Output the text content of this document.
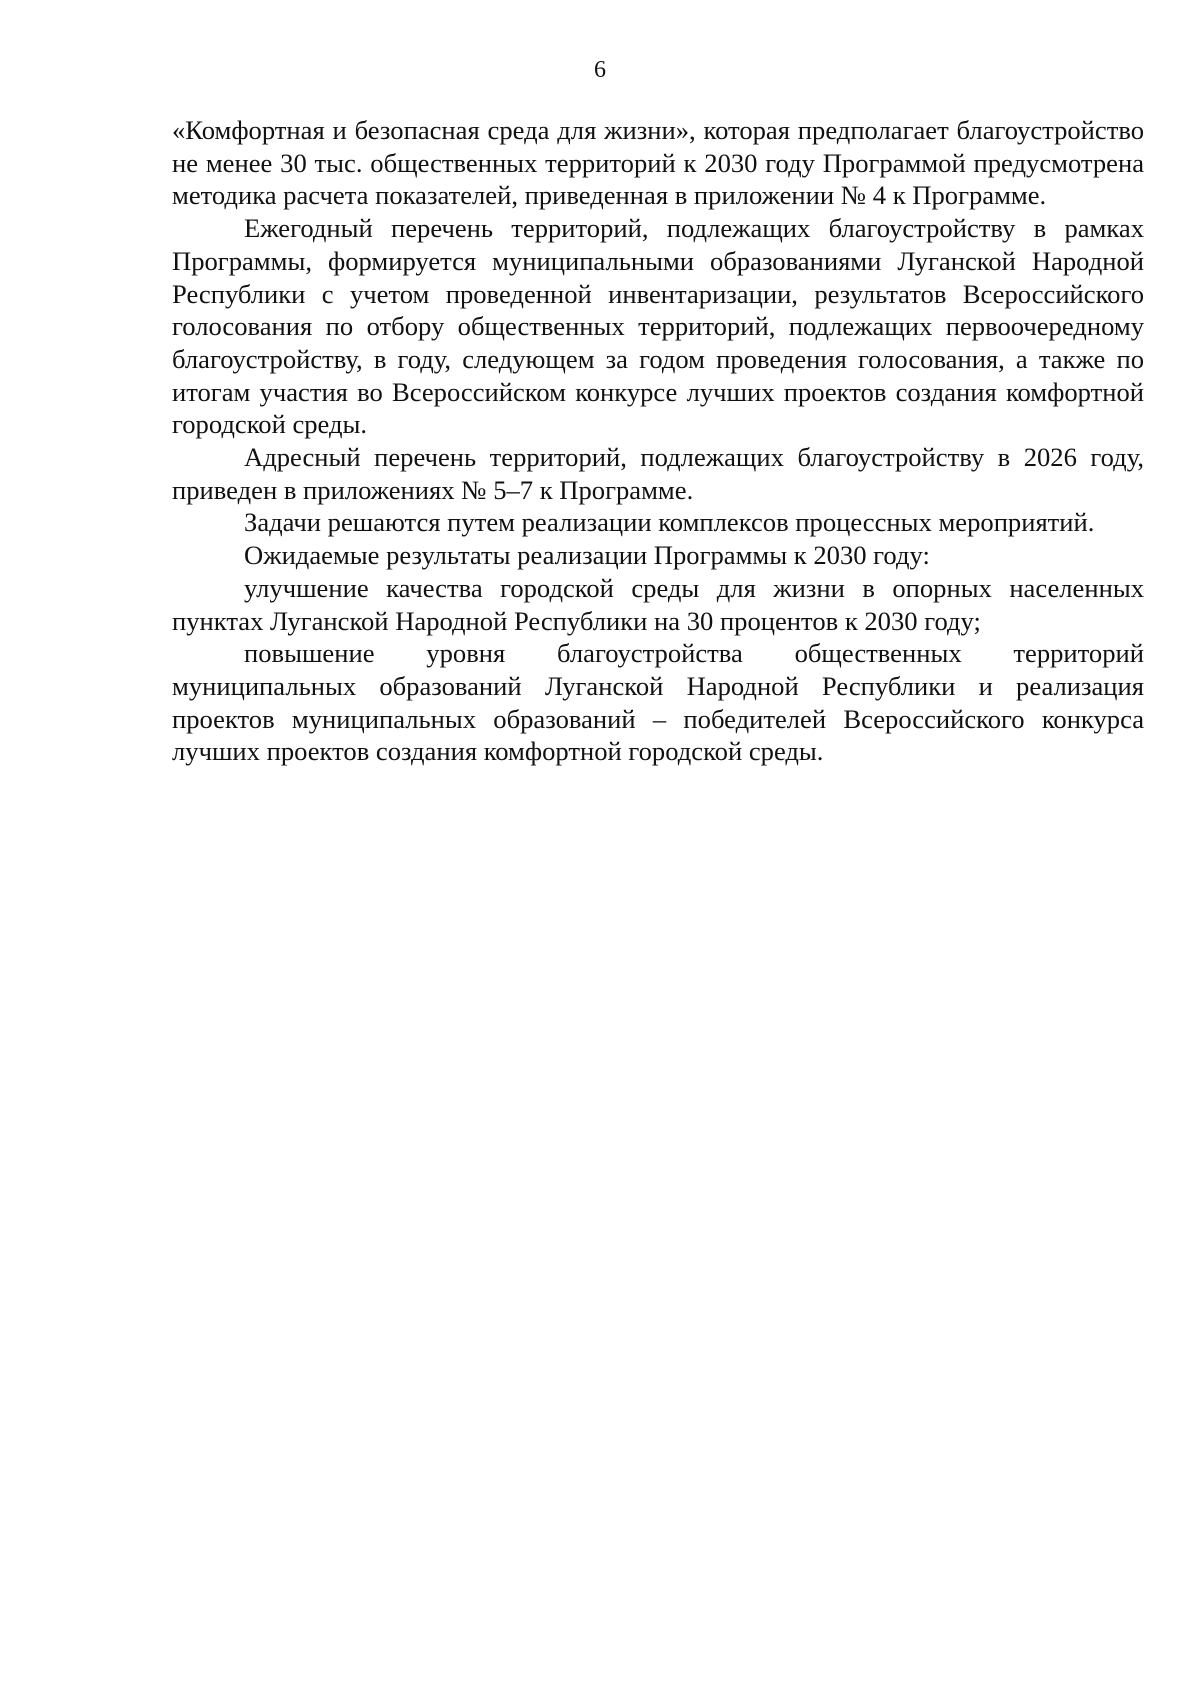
6

«Комфортная и безопасная среда для жизни», которая предполагает благоустройство не менее 30 тыс. общественных территорий к 2030 году Программой предусмотрена методика расчета показателей, приведенная в приложении № 4 к Программе.

Ежегодный перечень территорий, подлежащих благоустройству в рамках Программы, формируется муниципальными образованиями Луганской Народной Республики с учетом проведенной инвентаризации, результатов Всероссийского голосования по отбору общественных территорий, подлежащих первоочередному благоустройству, в году, следующем за годом проведения голосования, а также по итогам участия во Всероссийском конкурсе лучших проектов создания комфортной городской среды.

Адресный перечень территорий, подлежащих благоустройству в 2026 году, приведен в приложениях № 5–7 к Программе.

Задачи решаются путем реализации комплексов процессных мероприятий.

Ожидаемые результаты реализации Программы к 2030 году:

улучшение качества городской среды для жизни в опорных населенных пунктах Луганской Народной Республики на 30 процентов к 2030 году;

повышение уровня благоустройства общественных территорий муниципальных образований Луганской Народной Республики и реализация проектов муниципальных образований – победителей Всероссийского конкурса лучших проектов создания комфортной городской среды.
